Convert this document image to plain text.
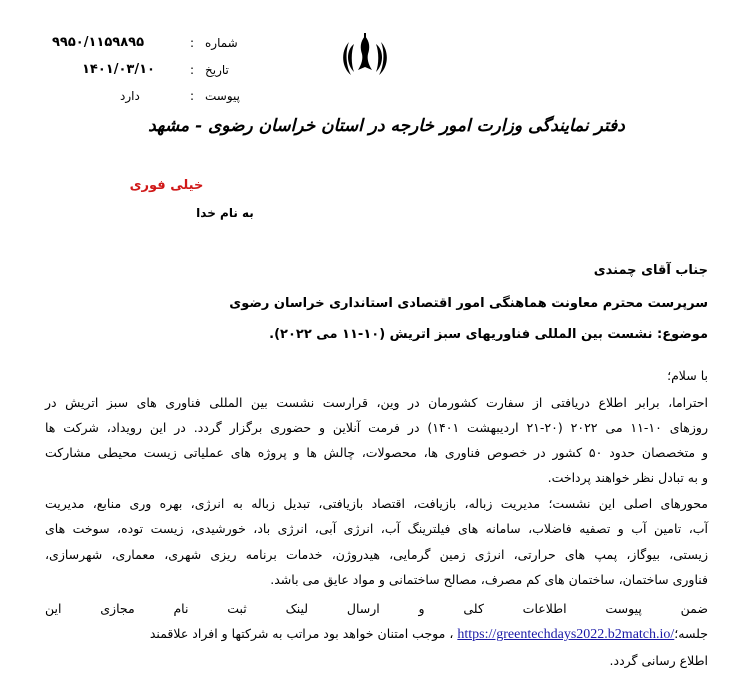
شماره
:
۹۹۵۰/۱۱۵۹۸۹۵
تاریخ
:
۱۴۰۱/۰۳/۱۰
پیوست
:
دارد
دفتر نمایندگی وزارت امور خارجه در استان خراسان رضوی - مشهد
خیلی فوری
به نام خدا
جناب آقای چمندی
سرپرست محترم معاونت هماهنگی امور اقتصادی استانداری خراسان رضوی
موضوع: نشست بین المللی فناوریهای سبز اتریش (۱۰-۱۱ می ۲۰۲۲).
با سلام؛
احتراما، برابر اطلاع دریافتی از سفارت کشورمان در وین، قرارست نشست بین المللی فناوری های سبز اتریش در
روزهای ۱۰-۱۱ می ۲۰۲۲ (۲۰-۲۱ اردیبهشت ۱۴۰۱) در فرمت آنلاین و حضوری برگزار گردد. در این رویداد، شرکت ها
و متخصصان حدود ۵۰ کشور در خصوص فناوری ها، محصولات، چالش ها و پروژه های عملیاتی زیست محیطی مشارکت
و به تبادل نظر خواهند پرداخت.
محورهای اصلی این نشست؛ مدیریت زباله، بازیافت، اقتصاد بازیافتی، تبدیل زباله به انرژی، بهره وری منابع، مدیریت
آب، تامین آب و تصفیه فاضلاب، سامانه های فیلترینگ آب، انرژی آبی، انرژی باد، خورشیدی، زیست توده، سوخت های
زیستی، بیوگاز، پمپ های حرارتی، انرژی زمین گرمایی، هیدروژن، خدمات برنامه ریزی شهری، معماری، شهرسازی،
فناوری ساختمان، ساختمان های کم مصرف، مصالح ساختمانی و مواد عایق می باشد.
ضمن پیوست اطلاعات کلی و ارسال لینک ثبت نام مجازی این
جلسه؛https://greentechdays2022.b2match.io/ ، موجب امتنان خواهد بود مراتب به شرکتها و افراد علاقمند
اطلاع رسانی گردد.
